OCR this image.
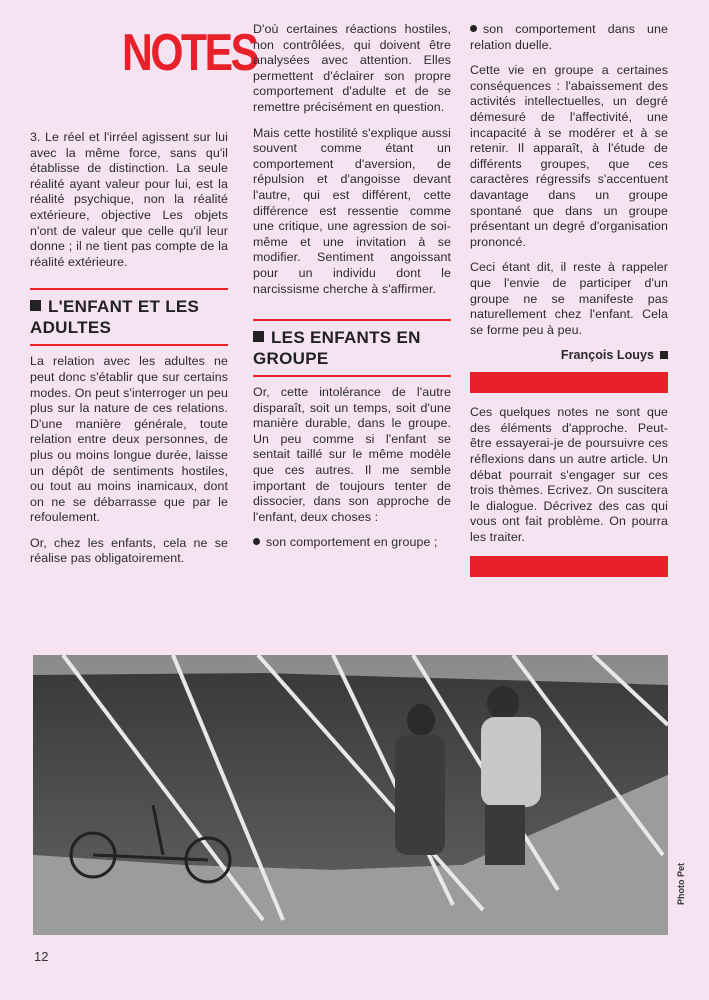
NOTES

3. Le réel et l'irréel agissent sur lui avec la même force, sans qu'il établisse de distinction. La seule réalité ayant valeur pour lui, est la réalité psychique, non la réalité extérieure, objective Les objets n'ont de valeur que celle qu'il leur donne ; il ne tient pas compte de la réalité extérieure.

L'ENFANT ET LES ADULTES

La relation avec les adultes ne peut donc s'établir que sur certains modes. On peut s'interroger un peu plus sur la nature de ces relations. D'une manière générale, toute relation entre deux personnes, de plus ou moins longue durée, laisse un dépôt de sentiments hostiles, ou tout au moins inamicaux, dont on ne se débarrasse que par le refoulement.

Or, chez les enfants, cela ne se réalise pas obligatoirement.

D'où certaines réactions hostiles, non contrôlées, qui doivent être analysées avec attention. Elles permettent d'éclairer son propre comportement d'adulte et de se remettre précisément en question.

Mais cette hostilité s'explique aussi souvent comme étant un comportement d'aversion, de répulsion et d'angoisse devant l'autre, qui est différent, cette différence est ressentie comme une critique, une agression de soi-même et une invitation à se modifier. Sentiment angoissant pour un individu dont le narcissisme cherche à s'affirmer.

LES ENFANTS EN GROUPE

Or, cette intolérance de l'autre disparaît, soit un temps, soit d'une manière durable, dans le groupe. Un peu comme si l'enfant se sentait taillé sur le même modèle que ces autres. Il me semble important de toujours tenter de dissocier, dans son approche de l'enfant, deux choses :

son comportement en groupe ;

son comportement dans une relation duelle.

Cette vie en groupe a certaines conséquences : l'abaissement des activités intellectuelles, un degré démesuré de l'affectivité, une incapacité à se modérer et à se retenir. Il apparaît, à l'étude de différents groupes, que ces caractères régressifs s'accentuent davantage dans un groupe spontané que dans un groupe présentant un degré d'organisation prononcé.

Ceci étant dit, il reste à rappeler que l'envie de participer d'un groupe ne se manifeste pas naturellement chez l'enfant. Cela se forme peu à peu.

François Louys

Ces quelques notes ne sont que des éléments d'approche. Peut-être essayerai-je de poursuivre ces réflexions dans un autre article. Un débat pourrait s'engager sur ces trois thèmes. Ecrivez. On suscitera le dialogue. Décrivez des cas qui vous ont fait problème. On pourra les traiter.

Photo Pet
12
